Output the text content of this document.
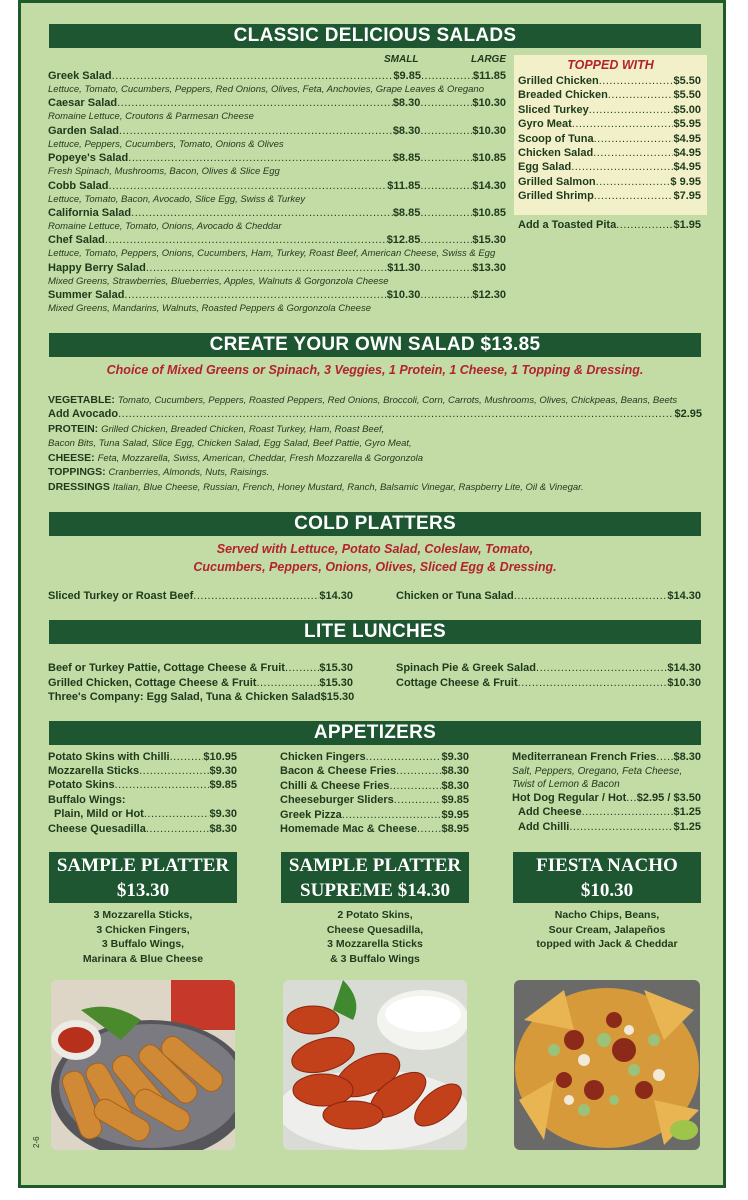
CLASSIC DELICIOUS SALADS
SMALL	LARGE
Greek Salad .....	$9.85 .....	$11.85
Lettuce, Tomato, Cucumbers, Peppers, Red Onions, Olives, Feta, Anchovies, Grape Leaves & Oregano
Caesar Salad .....	$8.30 .....	$10.30
Romaine Lettuce, Croutons & Parmesan Cheese
Garden Salad .....	$8.30 .....	$10.30
Lettuce, Peppers, Cucumbers, Tomato, Onions & Olives
Popeye's Salad .....	$8.85 .....	$10.85
Fresh Spinach, Mushrooms, Bacon, Olives & Slice Egg
Cobb Salad .....	$11.85 .....	$14.30
Lettuce, Tomato, Bacon, Avocado, Slice Egg, Swiss & Turkey
California Salad .....	$8.85 .....	$10.85
Romaine Lettuce, Tomato, Onions, Avocado & Cheddar
Chef Salad .....	$12.85 .....	$15.30
Lettuce, Tomato, Peppers, Onions, Cucumbers, Ham, Turkey, Roast Beef, American Cheese, Swiss & Egg
Happy Berry Salad .....	$11.30 .....	$13.30
Mixed Greens, Strawberries, Blueberries, Apples, Walnuts & Gorgonzola Cheese
Summer Salad .....	$10.30 .....	$12.30
Mixed Greens, Mandarins, Walnuts, Roasted Peppers & Gorgonzola Cheese
TOPPED WITH
Grilled Chicken .....	$5.50
Breaded Chicken .....	$5.50
Sliced Turkey .....	$5.00
Gyro Meat .....	$5.95
Scoop of Tuna .....	$4.95
Chicken Salad .....	$4.95
Egg Salad .....	$4.95
Grilled Salmon .....	$ 9.95
Grilled Shrimp .....	$7.95
Add a Toasted Pita .....	$1.95
CREATE YOUR OWN SALAD $13.85
Choice of Mixed Greens or Spinach, 3 Veggies, 1 Protein, 1 Cheese, 1 Topping & Dressing.
VEGETABLE: Tomato, Cucumbers, Peppers, Roasted Peppers, Red Onions, Broccoli, Corn, Carrots, Mushrooms, Olives, Chickpeas, Beans, Beets
Add Avocado .....	$2.95
PROTEIN: Grilled Chicken, Breaded Chicken, Roast Turkey, Ham, Roast Beef,
Bacon Bits, Tuna Salad, Slice Egg, Chicken Salad, Egg Salad, Beef Pattie, Gyro Meat,
CHEESE: Feta, Mozzarella, Swiss, American, Cheddar, Fresh Mozzarella & Gorgonzola
TOPPINGS: Cranberries, Almonds, Nuts, Raisings.
DRESSINGS Italian, Blue Cheese, Russian, French, Honey Mustard, Ranch, Balsamic Vinegar, Raspberry Lite, Oil & Vinegar.
COLD PLATTERS
Served with Lettuce, Potato Salad, Coleslaw, Tomato,
Cucumbers, Peppers, Onions, Olives, Sliced Egg & Dressing.
Sliced Turkey or Roast Beef .....	$14.30	Chicken or Tuna Salad .....	$14.30
LITE LUNCHES
Beef or Turkey Pattie, Cottage Cheese & Fruit .....	$15.30
Grilled Chicken, Cottage Cheese & Fruit .....	$15.30
Three's Company: Egg Salad, Tuna & Chicken Salad $15.30
Spinach Pie & Greek Salad .....	$14.30
Cottage Cheese & Fruit .....	$10.30
APPETIZERS
Potato Skins with Chilli .....	$10.95
Mozzarella Sticks .....	$9.30
Potato Skins .....	$9.85
Buffalo Wings:
Plain, Mild or Hot .....	$9.30
Cheese Quesadilla .....	$8.30
Chicken Fingers .....	$9.30
Bacon & Cheese Fries .....	$8.30
Chilli & Cheese Fries .....	$8.30
Cheeseburger Sliders .....	$9.85
Greek Pizza .....	$9.95
Homemade Mac & Cheese ..... $8.95
Mediterranean French Fries ..... $8.30
Salt, Peppers, Oregano, Feta Cheese,
Twist of Lemon & Bacon
Hot Dog Regular / Hot ..... $2.95 / $3.50
Add Cheese .....	$1.25
Add Chilli .....	$1.25
SAMPLE PLATTER
$13.30
SAMPLE PLATTER
SUPREME $14.30
FIESTA NACHO
$10.30
3 Mozzarella Sticks,
3 Chicken Fingers,
3 Buffalo Wings,
Marinara & Blue Cheese
2 Potato Skins,
Cheese Quesadilla,
3 Mozzarella Sticks
& 3 Buffalo Wings
Nacho Chips, Beans,
Sour Cream, Jalapeños
topped with Jack & Cheddar
2-6
